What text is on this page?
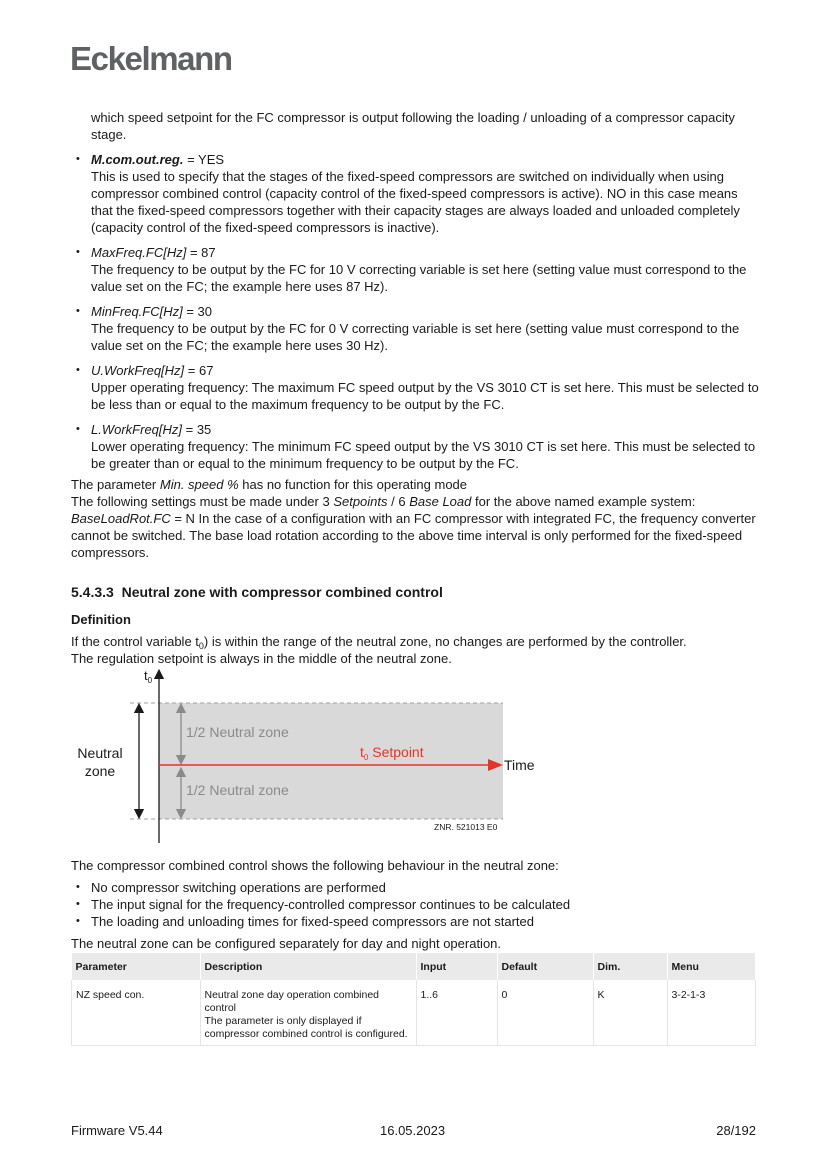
Eckelmann

which speed setpoint for the FC compressor is output following the loading / unloading of a compressor capacity stage.

• M.com.out.reg. = YES
This is used to specify that the stages of the fixed-speed compressors are switched on individually when using compressor combined control (capacity control of the fixed-speed compressors is active). NO in this case means that the fixed-speed compressors together with their capacity stages are always loaded and unloaded completely (capacity control of the fixed-speed compressors is inactive).
• MaxFreq.FC[Hz] = 87
The frequency to be output by the FC for 10 V correcting variable is set here (setting value must correspond to the value set on the FC; the example here uses 87 Hz).
• MinFreq.FC[Hz] = 30
The frequency to be output by the FC for 0 V correcting variable is set here (setting value must correspond to the value set on the FC; the example here uses 30 Hz).
• U.WorkFreq[Hz] = 67
Upper operating frequency: The maximum FC speed output by the VS 3010 CT is set here. This must be selected to be less than or equal to the maximum frequency to be output by the FC.
• L.WorkFreq[Hz] = 35
Lower operating frequency: The minimum FC speed output by the VS 3010 CT is set here. This must be selected to be greater than or equal to the minimum frequency to be output by the FC.

The parameter Min. speed % has no function for this operating mode

The following settings must be made under 3 Setpoints / 6 Base Load for the above named example system:
BaseLoadRot.FC = N In the case of a configuration with an FC compressor with integrated FC, the frequency converter cannot be switched. The base load rotation according to the above time interval is only performed for the fixed-speed compressors.

5.4.3.3  Neutral zone with compressor combined control
Definition

If the control variable $t_0$) is within the range of the neutral zone, no changes are performed by the controller.
The regulation setpoint is always in the middle of the neutral zone.

$t_0$
Neutral
zone
1/2 Neutral zone
1/2 Neutral zone
$t_0$ Setpoint
Time
ZNR. 521013 E0

The compressor combined control shows the following behaviour in the neutral zone:

• No compressor switching operations are performed
• The input signal for the frequency-controlled compressor continues to be calculated
• The loading and unloading times for fixed-speed compressors are not started

The neutral zone can be configured separately for day and night operation.

Parameter	Description	Input	Default	Dim.	Menu
NZ speed con.	Neutral zone day operation combined control
The parameter is only displayed if compressor combined control is configured.	1..6	0	K	3-2-1-3
Firmware V5.44	16.05.2023	28/192
